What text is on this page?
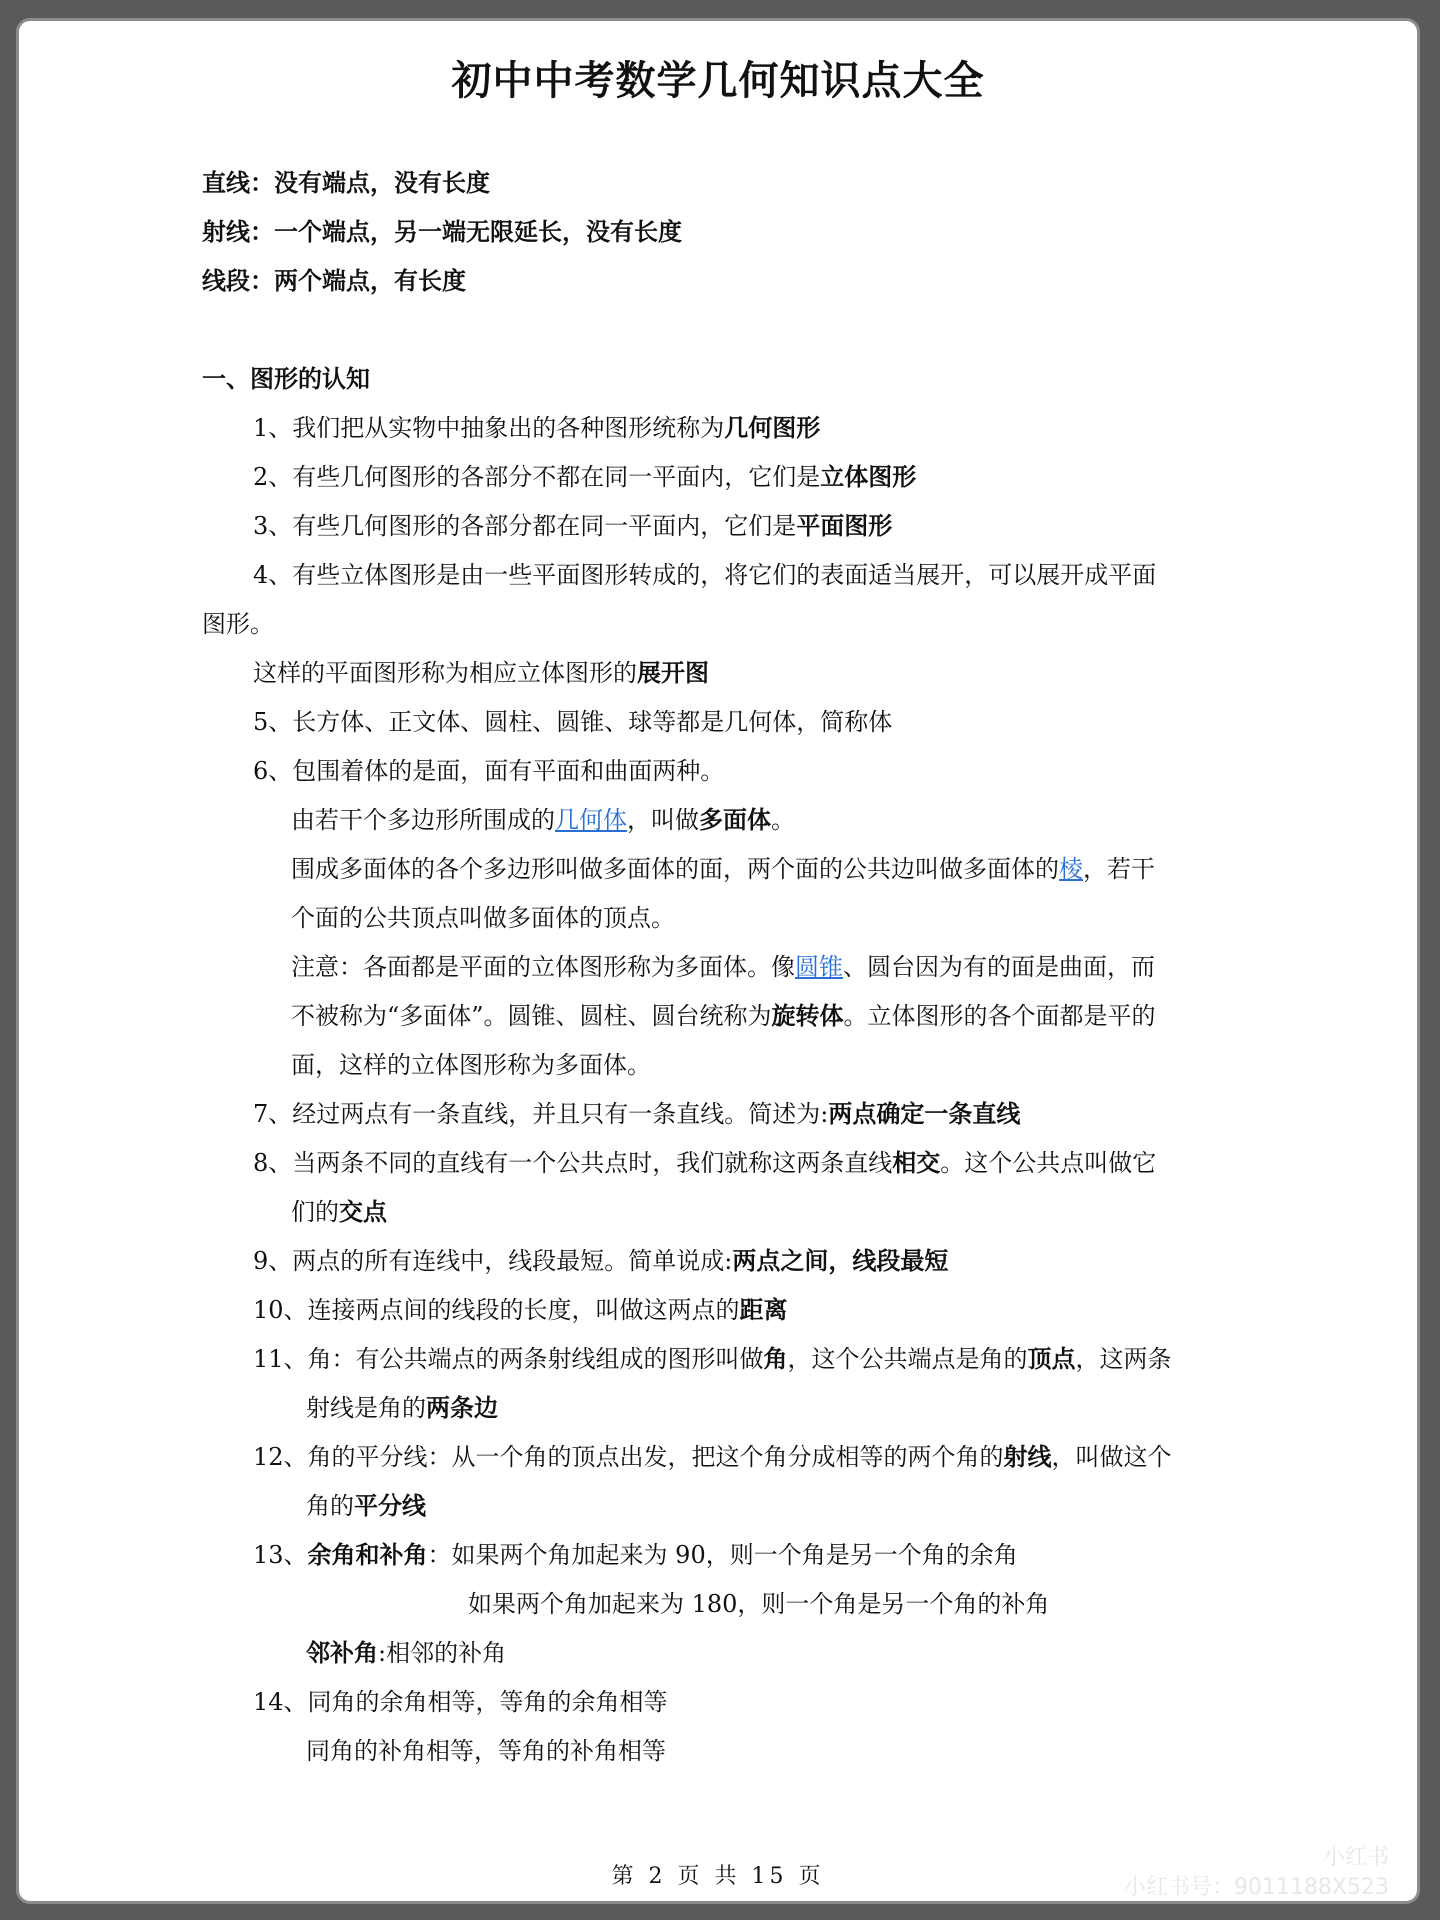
初中中考数学几何知识点大全
直线：没有端点，没有长度
射线：一个端点，另一端无限延长，没有长度
线段：两个端点，有长度
一、图形的认知
1、我们把从实物中抽象出的各种图形统称为几何图形
2、有些几何图形的各部分不都在同一平面内，它们是立体图形
3、有些几何图形的各部分都在同一平面内，它们是平面图形
4、有些立体图形是由一些平面图形转成的，将它们的表面适当展开，可以展开成平面
图形。
这样的平面图形称为相应立体图形的展开图
5、长方体、正文体、圆柱、圆锥、球等都是几何体，简称体
6、包围着体的是面，面有平面和曲面两种。
由若干个多边形所围成的几何体，叫做多面体。
围成多面体的各个多边形叫做多面体的面，两个面的公共边叫做多面体的棱，若干
个面的公共顶点叫做多面体的顶点。
注意：各面都是平面的立体图形称为多面体。像圆锥、圆台因为有的面是曲面，而
不被称为“多面体”。圆锥、圆柱、圆台统称为旋转体。立体图形的各个面都是平的
面，这样的立体图形称为多面体。
7、经过两点有一条直线，并且只有一条直线。简述为:两点确定一条直线
8、当两条不同的直线有一个公共点时，我们就称这两条直线相交。这个公共点叫做它
们的交点
9、两点的所有连线中，线段最短。简单说成:两点之间，线段最短
10、连接两点间的线段的长度，叫做这两点的距离
11、角：有公共端点的两条射线组成的图形叫做角，这个公共端点是角的顶点，这两条
射线是角的两条边
12、角的平分线：从一个角的顶点出发，把这个角分成相等的两个角的射线，叫做这个
角的平分线
13、余角和补角：如果两个角加起来为 90，则一个角是另一个角的余角
如果两个角加起来为 180，则一个角是另一个角的补角
邻补角:相邻的补角
14、同角的余角相等，等角的余角相等
同角的补角相等，等角的补角相等
第 2 页 共 15 页
小红书
小红书号：9011188X523
